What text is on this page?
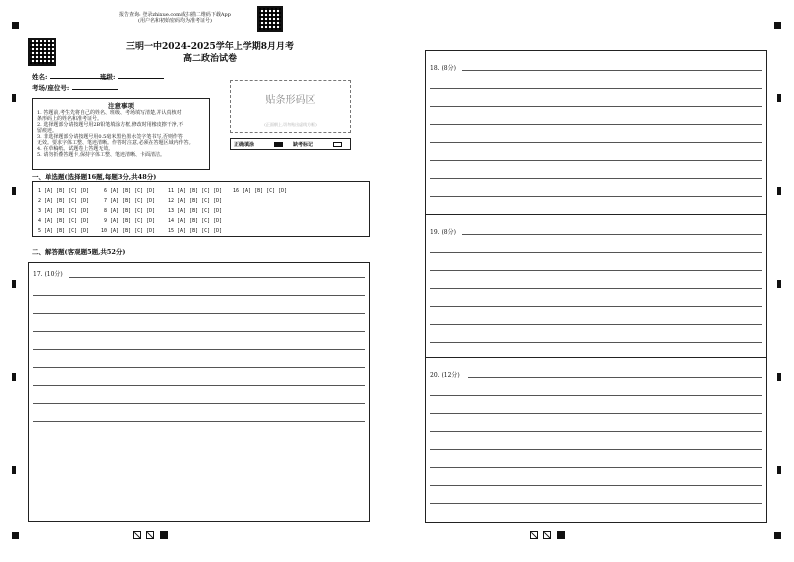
报告查询: 登录zhixue.com或扫描二维码下载App
(用户名和初始密码均为准考证号)
三明一中2024-2025学年上学期8月月考
高二政治试卷
姓名:	班级:
考场/座位号:
贴条形码区
(正面朝上,切勿贴出虚线方框)
注意事项
1. 答题前,考生先将自己的姓名、班级、考场填写清楚,并认真核对
条形码上的姓名和准考证号。
2. 选择题部分请按题号用2B铅笔填涂方框,修改时用橡皮擦干净,不
留痕迹。
3. 非选择题部分请按题号用0.5毫米黑色墨水签字笔书写,否则作答
无效。要求字体工整、笔迹清晰。作答时注意,必须在答题区域内作答。
4. 在草稿纸、试题卷上答题无效。
5. 请勿折叠答题卡,保持字体工整、笔迹清晰、卡面清洁。
正确填涂	缺考标记
一、单选题(选择题16题,每题3分,共48分)
1 [A] [B] [C] [D]
2 [A] [B] [C] [D]
3 [A] [B] [C] [D]
4 [A] [B] [C] [D]
5 [A] [B] [C] [D]
6 [A] [B] [C] [D]
7 [A] [B] [C] [D]
8 [A] [B] [C] [D]
9 [A] [B] [C] [D]
10 [A] [B] [C] [D]
11 [A] [B] [C] [D]
12 [A] [B] [C] [D]
13 [A] [B] [C] [D]
14 [A] [B] [C] [D]
15 [A] [B] [C] [D]
16 [A] [B] [C] [D]
二、解答题(客观题5题,共52分)
17. (10分)
18. (8分)
19. (8分)
20. (12分)
